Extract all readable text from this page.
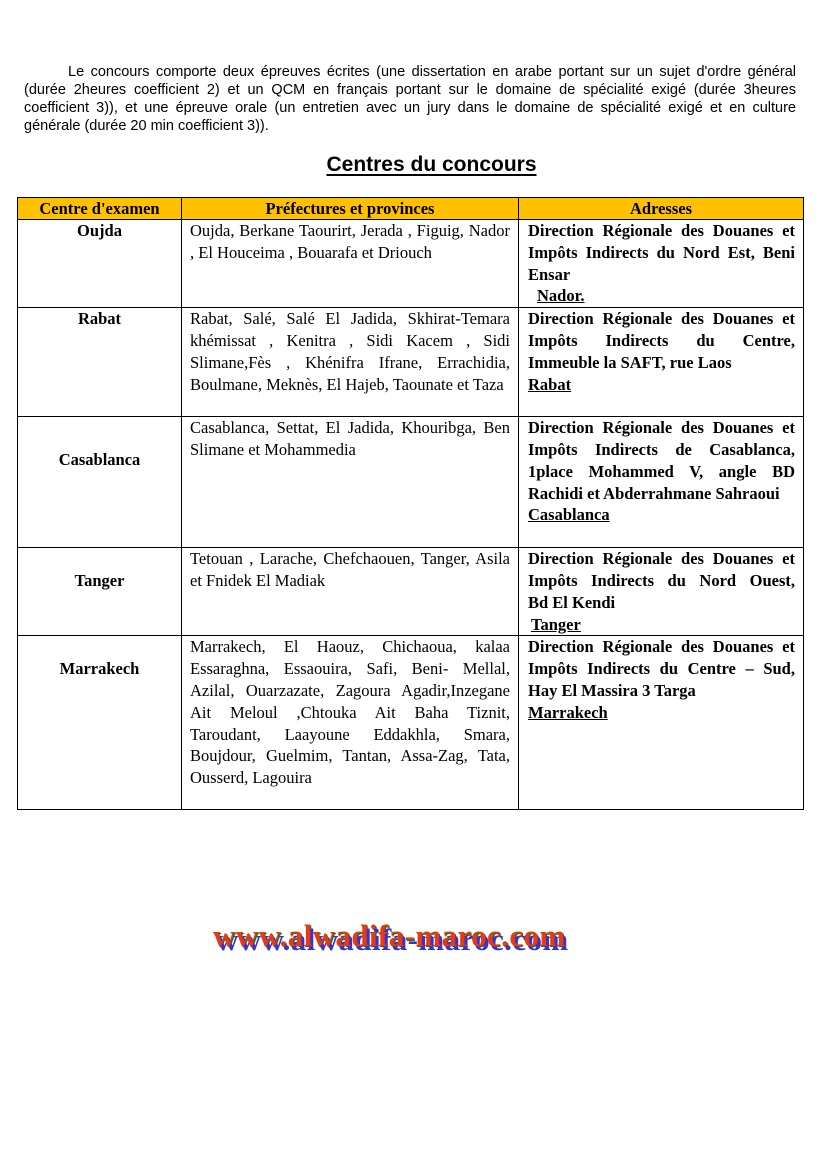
Le concours comporte deux épreuves écrites (une dissertation en arabe portant sur un sujet d'ordre général (durée 2heures coefficient 2) et un QCM en français portant sur le domaine de spécialité exigé (durée 3heures coefficient 3)), et une épreuve orale (un entretien avec un jury dans le domaine de spécialité exigé et en culture générale (durée 20 min coefficient 3)).

Centres du concours
Centre d'examen	Préfectures et provinces	Adresses
Oujda	Oujda, Berkane Taourirt, Jerada , Figuig, Nador , El Houceima , Bouarafa et Driouch	Direction Régionale des Douanes et Impôts Indirects du Nord Est, Beni Ensar
Nador.
Rabat	Rabat, Salé, Salé El Jadida, Skhirat-Temara khémissat , Kenitra , Sidi Kacem , Sidi Slimane,Fès , Khénifra Ifrane, Errachidia, Boulmane, Meknès, El Hajeb, Taounate et Taza	Direction Régionale des Douanes et Impôts Indirects du Centre, Immeuble la SAFT, rue Laos
Rabat
Casablanca	Casablanca, Settat, El Jadida, Khouribga, Ben Slimane et Mohammedia	Direction Régionale des Douanes et Impôts Indirects de Casablanca, 1place Mohammed V, angle BD Rachidi et Abderrahmane Sahraoui
Casablanca
Tanger	Tetouan , Larache, Chefchaouen, Tanger, Asila et Fnidek El Madiak	Direction Régionale des Douanes et Impôts Indirects du Nord Ouest,      Bd El Kendi
Tanger

Marrakech	Marrakech, El Haouz, Chichaoua, kalaa Essaraghna, Essaouira, Safi, Beni- Mellal, Azilal, Ouarzazate, Zagoura Agadir,Inzegane Ait Meloul ,Chtouka Ait Baha Tiznit, Taroudant, Laayoune Eddakhla, Smara, Boujdour, Guelmim, Tantan, Assa-Zag, Tata, Ousserd, Lagouira	Direction Régionale des Douanes et Impôts Indirects du Centre – Sud,   Hay El Massira 3 Targa
Marrakech
www.alwadifa-maroc.com
